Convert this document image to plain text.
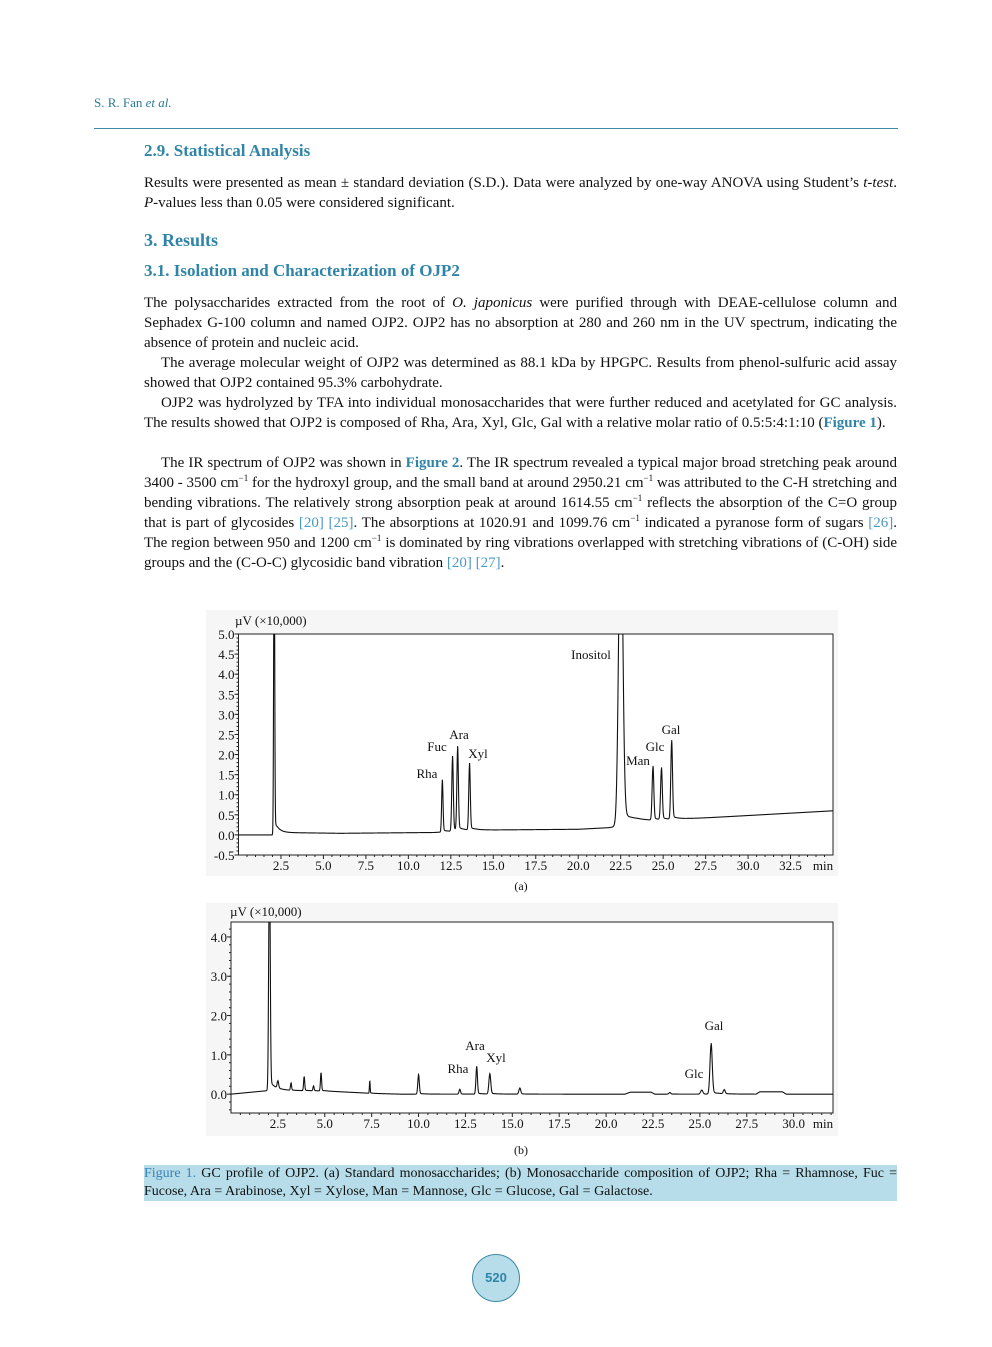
S. R. Fan et al.
2.9. Statistical Analysis
Results were presented as mean ± standard deviation (S.D.). Data were analyzed by one-way ANOVA using Student’s t-test. P-values less than 0.05 were considered significant.
3. Results
3.1. Isolation and Characterization of OJP2
The polysaccharides extracted from the root of O. japonicus were purified through with DEAE-cellulose column and Sephadex G-100 column and named OJP2. OJP2 has no absorption at 280 and 260 nm in the UV spectrum, indicating the absence of protein and nucleic acid.
The average molecular weight of OJP2 was determined as 88.1 kDa by HPGPC. Results from phenol-sulfuric acid assay showed that OJP2 contained 95.3% carbohydrate.
OJP2 was hydrolyzed by TFA into individual monosaccharides that were further reduced and acetylated for GC analysis. The results showed that OJP2 is composed of Rha, Ara, Xyl, Glc, Gal with a relative molar ratio of 0.5:5:4:1:10 (Figure 1).
The IR spectrum of OJP2 was shown in Figure 2. The IR spectrum revealed a typical major broad stretching peak around 3400 - 3500 $cm^{-1}$ for the hydroxyl group, and the small band at around 2950.21 $cm^{-1}$ was attributed to the C-H stretching and bending vibrations. The relatively strong absorption peak at around 1614.55 $cm^{-1}$ reflects the absorption of the C=O group that is part of glycosides [20] [25]. The absorptions at 1020.91 and 1099.76 $cm^{-1}$ indicated a pyranose form of sugars [26]. The region between 950 and 1200 $cm^{-1}$ is dominated by ring vibrations overlapped with stretching vibrations of (C-OH) side groups and the (C-O-C) glycosidic band vibration [20] [27].
2.5 5.0 7.5 10.0 12.5 15.0 17.5 20.0 22.5 25.0 27.5 30.0 32.5 min
5.0
4.5
4.0
3.5
3.0
2.5
2.0
1.5
1.0
0.5
0.0
-0.5
µV (×10,000)
(a)
Rha
Fuc
Ara
Xyl
Inositol
Man
Glc
Gal
2.5 5.0 7.5 10.0 12.5 15.0 17.5 20.0 22.5 25.0 27.5 30.0 min
4.0
3.0
2.0
1.0
0.0
µV (×10,000)
(b)
Rha
Ara
Xyl
Glc
Gal
Figure 1. GC profile of OJP2. (a) Standard monosaccharides; (b) Monosaccharide composition of OJP2; Rha = Rhamnose, Fuc = Fucose, Ara = Arabinose, Xyl = Xylose, Man = Mannose, Glc = Glucose, Gal = Galactose.
520
